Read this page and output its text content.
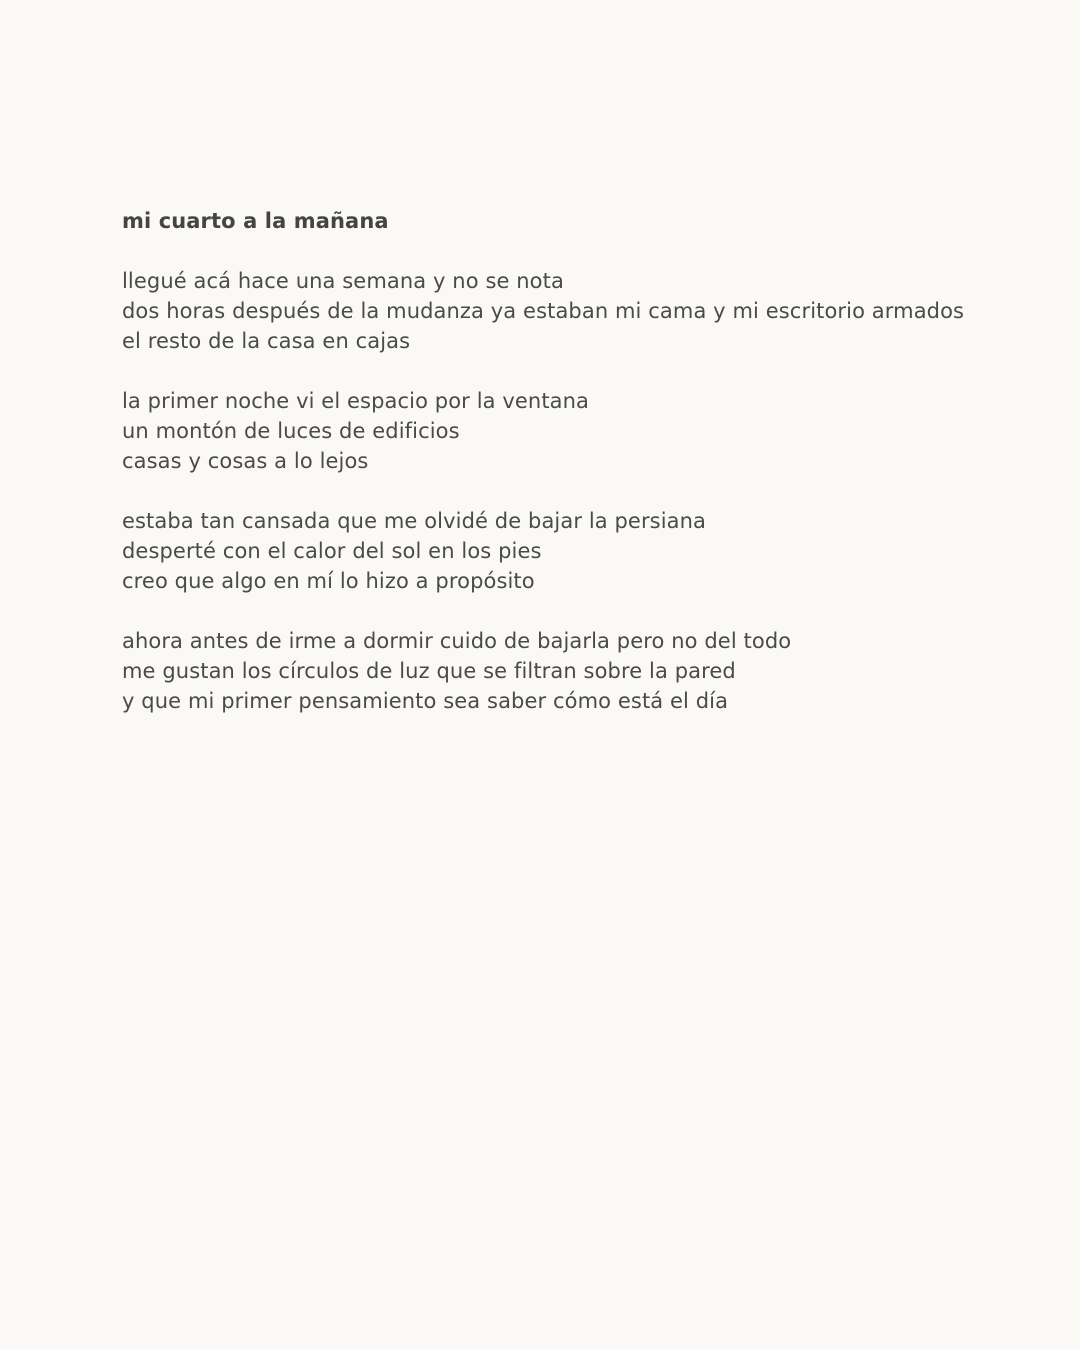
mi cuarto a la mañana
llegué acá hace una semana y no se nota
dos horas después de la mudanza ya estaban mi cama y mi escritorio armados
el resto de la casa en cajas
la primer noche vi el espacio por la ventana
un montón de luces de edificios
casas y cosas a lo lejos
estaba tan cansada que me olvidé de bajar la persiana
desperté con el calor del sol en los pies
creo que algo en mí lo hizo a propósito
ahora antes de irme a dormir cuido de bajarla pero no del todo
me gustan los círculos de luz que se filtran sobre la pared
y que mi primer pensamiento sea saber cómo está el día
